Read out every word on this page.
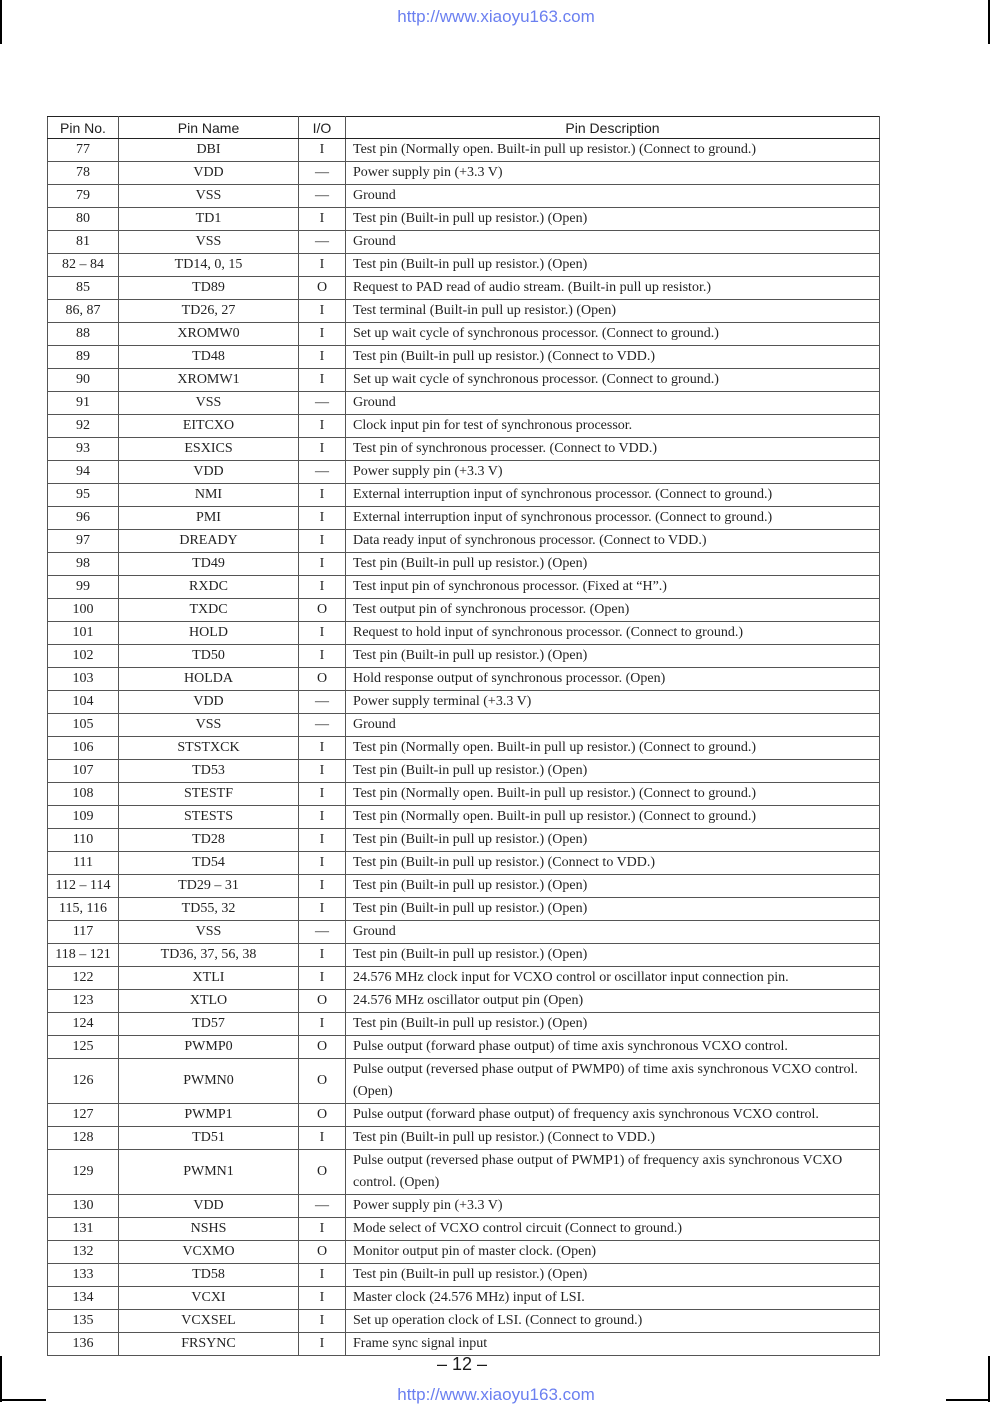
http://www.xiaoyu163.com
Pin No.	Pin Name	I/O	Pin Description
77	DBI	I	Test pin (Normally open. Built-in pull up resistor.) (Connect to ground.)
78	VDD	—	Power supply pin (+3.3 V)
79	VSS	—	Ground
80	TD1	I	Test pin (Built-in pull up resistor.) (Open)
81	VSS	—	Ground
82 – 84	TD14, 0, 15	I	Test pin (Built-in pull up resistor.) (Open)
85	TD89	O	Request to PAD read of audio stream. (Built-in pull up resistor.)
86, 87	TD26, 27	I	Test terminal (Built-in pull up resistor.) (Open)
88	XROMW0	I	Set up wait cycle of synchronous processor. (Connect to ground.)
89	TD48	I	Test pin (Built-in pull up resistor.) (Connect to VDD.)
90	XROMW1	I	Set up wait cycle of synchronous processor. (Connect to ground.)
91	VSS	—	Ground
92	EITCXO	I	Clock input pin for test of synchronous processor.
93	ESXICS	I	Test pin of synchronous processer. (Connect to VDD.)
94	VDD	—	Power supply pin (+3.3 V)
95	NMI	I	External interruption input of synchronous processor. (Connect to ground.)
96	PMI	I	External interruption input of synchronous processor. (Connect to ground.)
97	DREADY	I	Data ready input of synchronous processor. (Connect to VDD.)
98	TD49	I	Test pin (Built-in pull up resistor.) (Open)
99	RXDC	I	Test input pin of synchronous processor. (Fixed at “H”.)
100	TXDC	O	Test output pin of synchronous processor. (Open)
101	HOLD	I	Request to hold input of synchronous processor. (Connect to ground.)
102	TD50	I	Test pin (Built-in pull up resistor.) (Open)
103	HOLDA	O	Hold response output of synchronous processor. (Open)
104	VDD	—	Power supply terminal (+3.3 V)
105	VSS	—	Ground
106	STSTXCK	I	Test pin (Normally open. Built-in pull up resistor.) (Connect to ground.)
107	TD53	I	Test pin (Built-in pull up resistor.) (Open)
108	STESTF	I	Test pin (Normally open. Built-in pull up resistor.) (Connect to ground.)
109	STESTS	I	Test pin (Normally open. Built-in pull up resistor.) (Connect to ground.)
110	TD28	I	Test pin (Built-in pull up resistor.) (Open)
111	TD54	I	Test pin (Built-in pull up resistor.) (Connect to VDD.)
112 – 114	TD29 – 31	I	Test pin (Built-in pull up resistor.) (Open)
115, 116	TD55, 32	I	Test pin (Built-in pull up resistor.) (Open)
117	VSS	—	Ground
118 – 121	TD36, 37, 56, 38	I	Test pin (Built-in pull up resistor.) (Open)
122	XTLI	I	24.576 MHz clock input for VCXO control or oscillator input connection pin.
123	XTLO	O	24.576 MHz oscillator output pin (Open)
124	TD57	I	Test pin (Built-in pull up resistor.) (Open)
125	PWMP0	O	Pulse output (forward phase output) of time axis synchronous VCXO control.
126	PWMN0	O	Pulse output (reversed phase output of PWMP0) of time axis synchronous VCXO control. (Open)
127	PWMP1	O	Pulse output (forward phase output) of frequency axis synchronous VCXO control.
128	TD51	I	Test pin (Built-in pull up resistor.) (Connect to VDD.)
129	PWMN1	O	Pulse output (reversed phase output of PWMP1) of frequency axis synchronous VCXO control. (Open)
130	VDD	—	Power supply pin (+3.3 V)
131	NSHS	I	Mode select of VCXO control circuit (Connect to ground.)
132	VCXMO	O	Monitor output pin of master clock. (Open)
133	TD58	I	Test pin (Built-in pull up resistor.) (Open)
134	VCXI	I	Master clock (24.576 MHz) input of LSI.
135	VCXSEL	I	Set up operation clock of LSI. (Connect to ground.)
136	FRSYNC	I	Frame sync signal input
– 12 –
http://www.xiaoyu163.com
